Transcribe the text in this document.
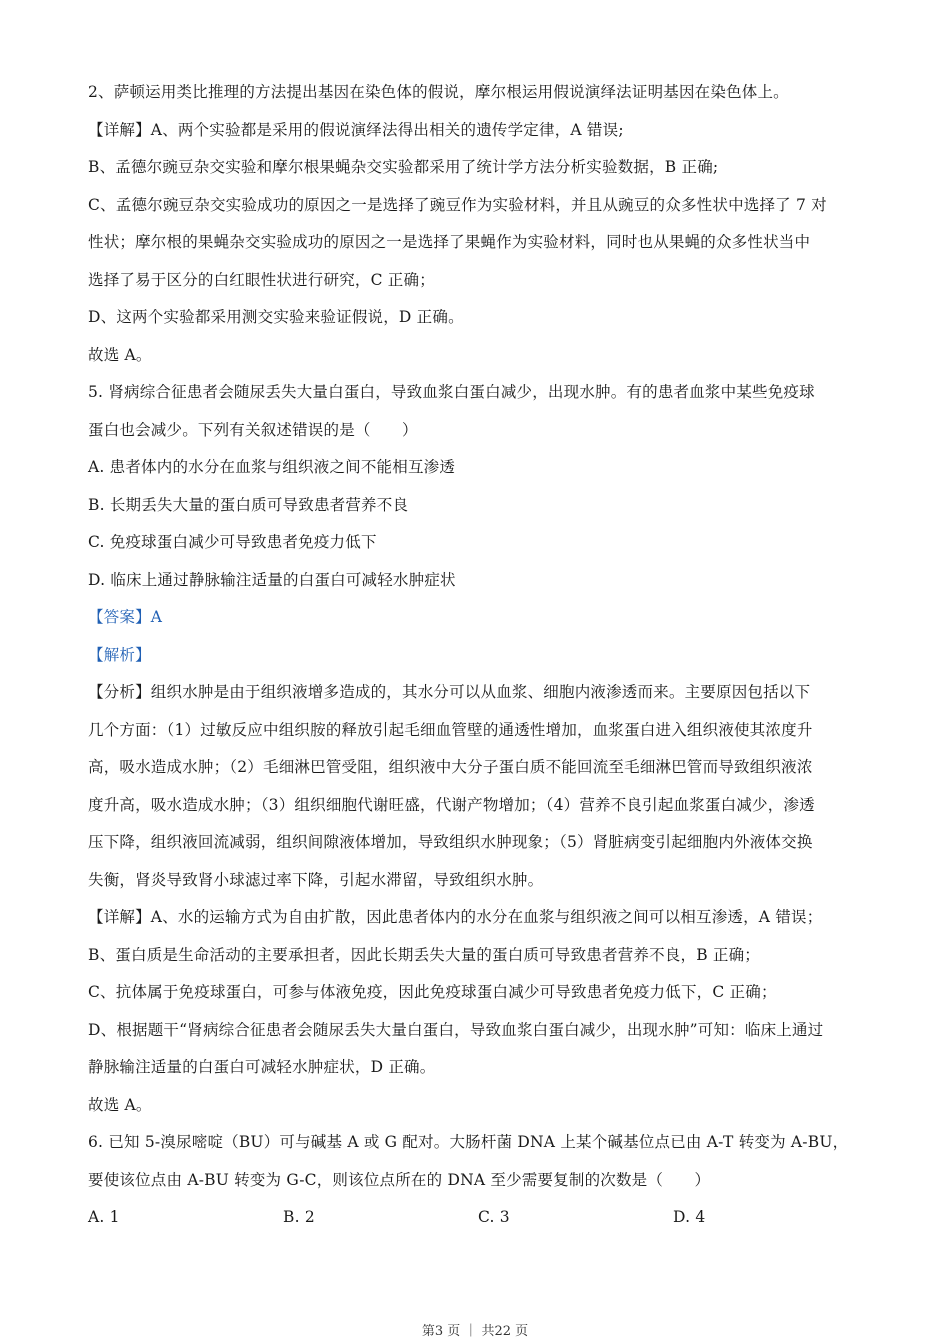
2、萨顿运用类比推理的方法提出基因在染色体的假说，摩尔根运用假说演绎法证明基因在染色体上。
【详解】A、两个实验都是采用的假说演绎法得出相关的遗传学定律，A 错误;
B、孟德尔豌豆杂交实验和摩尔根果蝇杂交实验都采用了统计学方法分析实验数据，B 正确;
C、孟德尔豌豆杂交实验成功的原因之一是选择了豌豆作为实验材料，并且从豌豆的众多性状中选择了 7 对
性状；摩尔根的果蝇杂交实验成功的原因之一是选择了果蝇作为实验材料，同时也从果蝇的众多性状当中
选择了易于区分的白红眼性状进行研究，C 正确；
D、这两个实验都采用测交实验来验证假说，D 正确。
故选 A。
5. 肾病综合征患者会随尿丢失大量白蛋白，导致血浆白蛋白减少，出现水肿。有的患者血浆中某些免疫球
蛋白也会减少。下列有关叙述错误的是（　　）
A. 患者体内的水分在血浆与组织液之间不能相互渗透
B. 长期丢失大量的蛋白质可导致患者营养不良
C. 免疫球蛋白减少可导致患者免疫力低下
D. 临床上通过静脉输注适量的白蛋白可减轻水肿症状
【答案】A
【解析】
【分析】组织水肿是由于组织液增多造成的，其水分可以从血浆、细胞内液渗透而来。主要原因包括以下
几个方面：（1）过敏反应中组织胺的释放引起毛细血管壁的通透性增加，血浆蛋白进入组织液使其浓度升
高，吸水造成水肿；（2）毛细淋巴管受阻，组织液中大分子蛋白质不能回流至毛细淋巴管而导致组织液浓
度升高，吸水造成水肿；（3）组织细胞代谢旺盛，代谢产物增加；（4）营养不良引起血浆蛋白减少，渗透
压下降，组织液回流减弱，组织间隙液体增加，导致组织水肿现象；（5）肾脏病变引起细胞内外液体交换
失衡，肾炎导致肾小球滤过率下降，引起水滞留，导致组织水肿。
【详解】A、水的运输方式为自由扩散，因此患者体内的水分在血浆与组织液之间可以相互渗透，A 错误；
B、蛋白质是生命活动的主要承担者，因此长期丢失大量的蛋白质可导致患者营养不良，B 正确；
C、抗体属于免疫球蛋白，可参与体液免疫，因此免疫球蛋白减少可导致患者免疫力低下，C 正确；
D、根据题干“肾病综合征患者会随尿丢失大量白蛋白，导致血浆白蛋白减少，出现水肿”可知：临床上通过
静脉输注适量的白蛋白可减轻水肿症状，D 正确。
故选 A。
6. 已知 5-溴尿嘧啶（BU）可与碱基 A 或 G 配对。大肠杆菌 DNA 上某个碱基位点已由 A-T 转变为 A-BU，
要使该位点由 A-BU 转变为 G-C，则该位点所在的 DNA 至少需要复制的次数是（　　）
A. 1	B. 2	C. 3	D. 4
第3 页 ｜ 共22 页
